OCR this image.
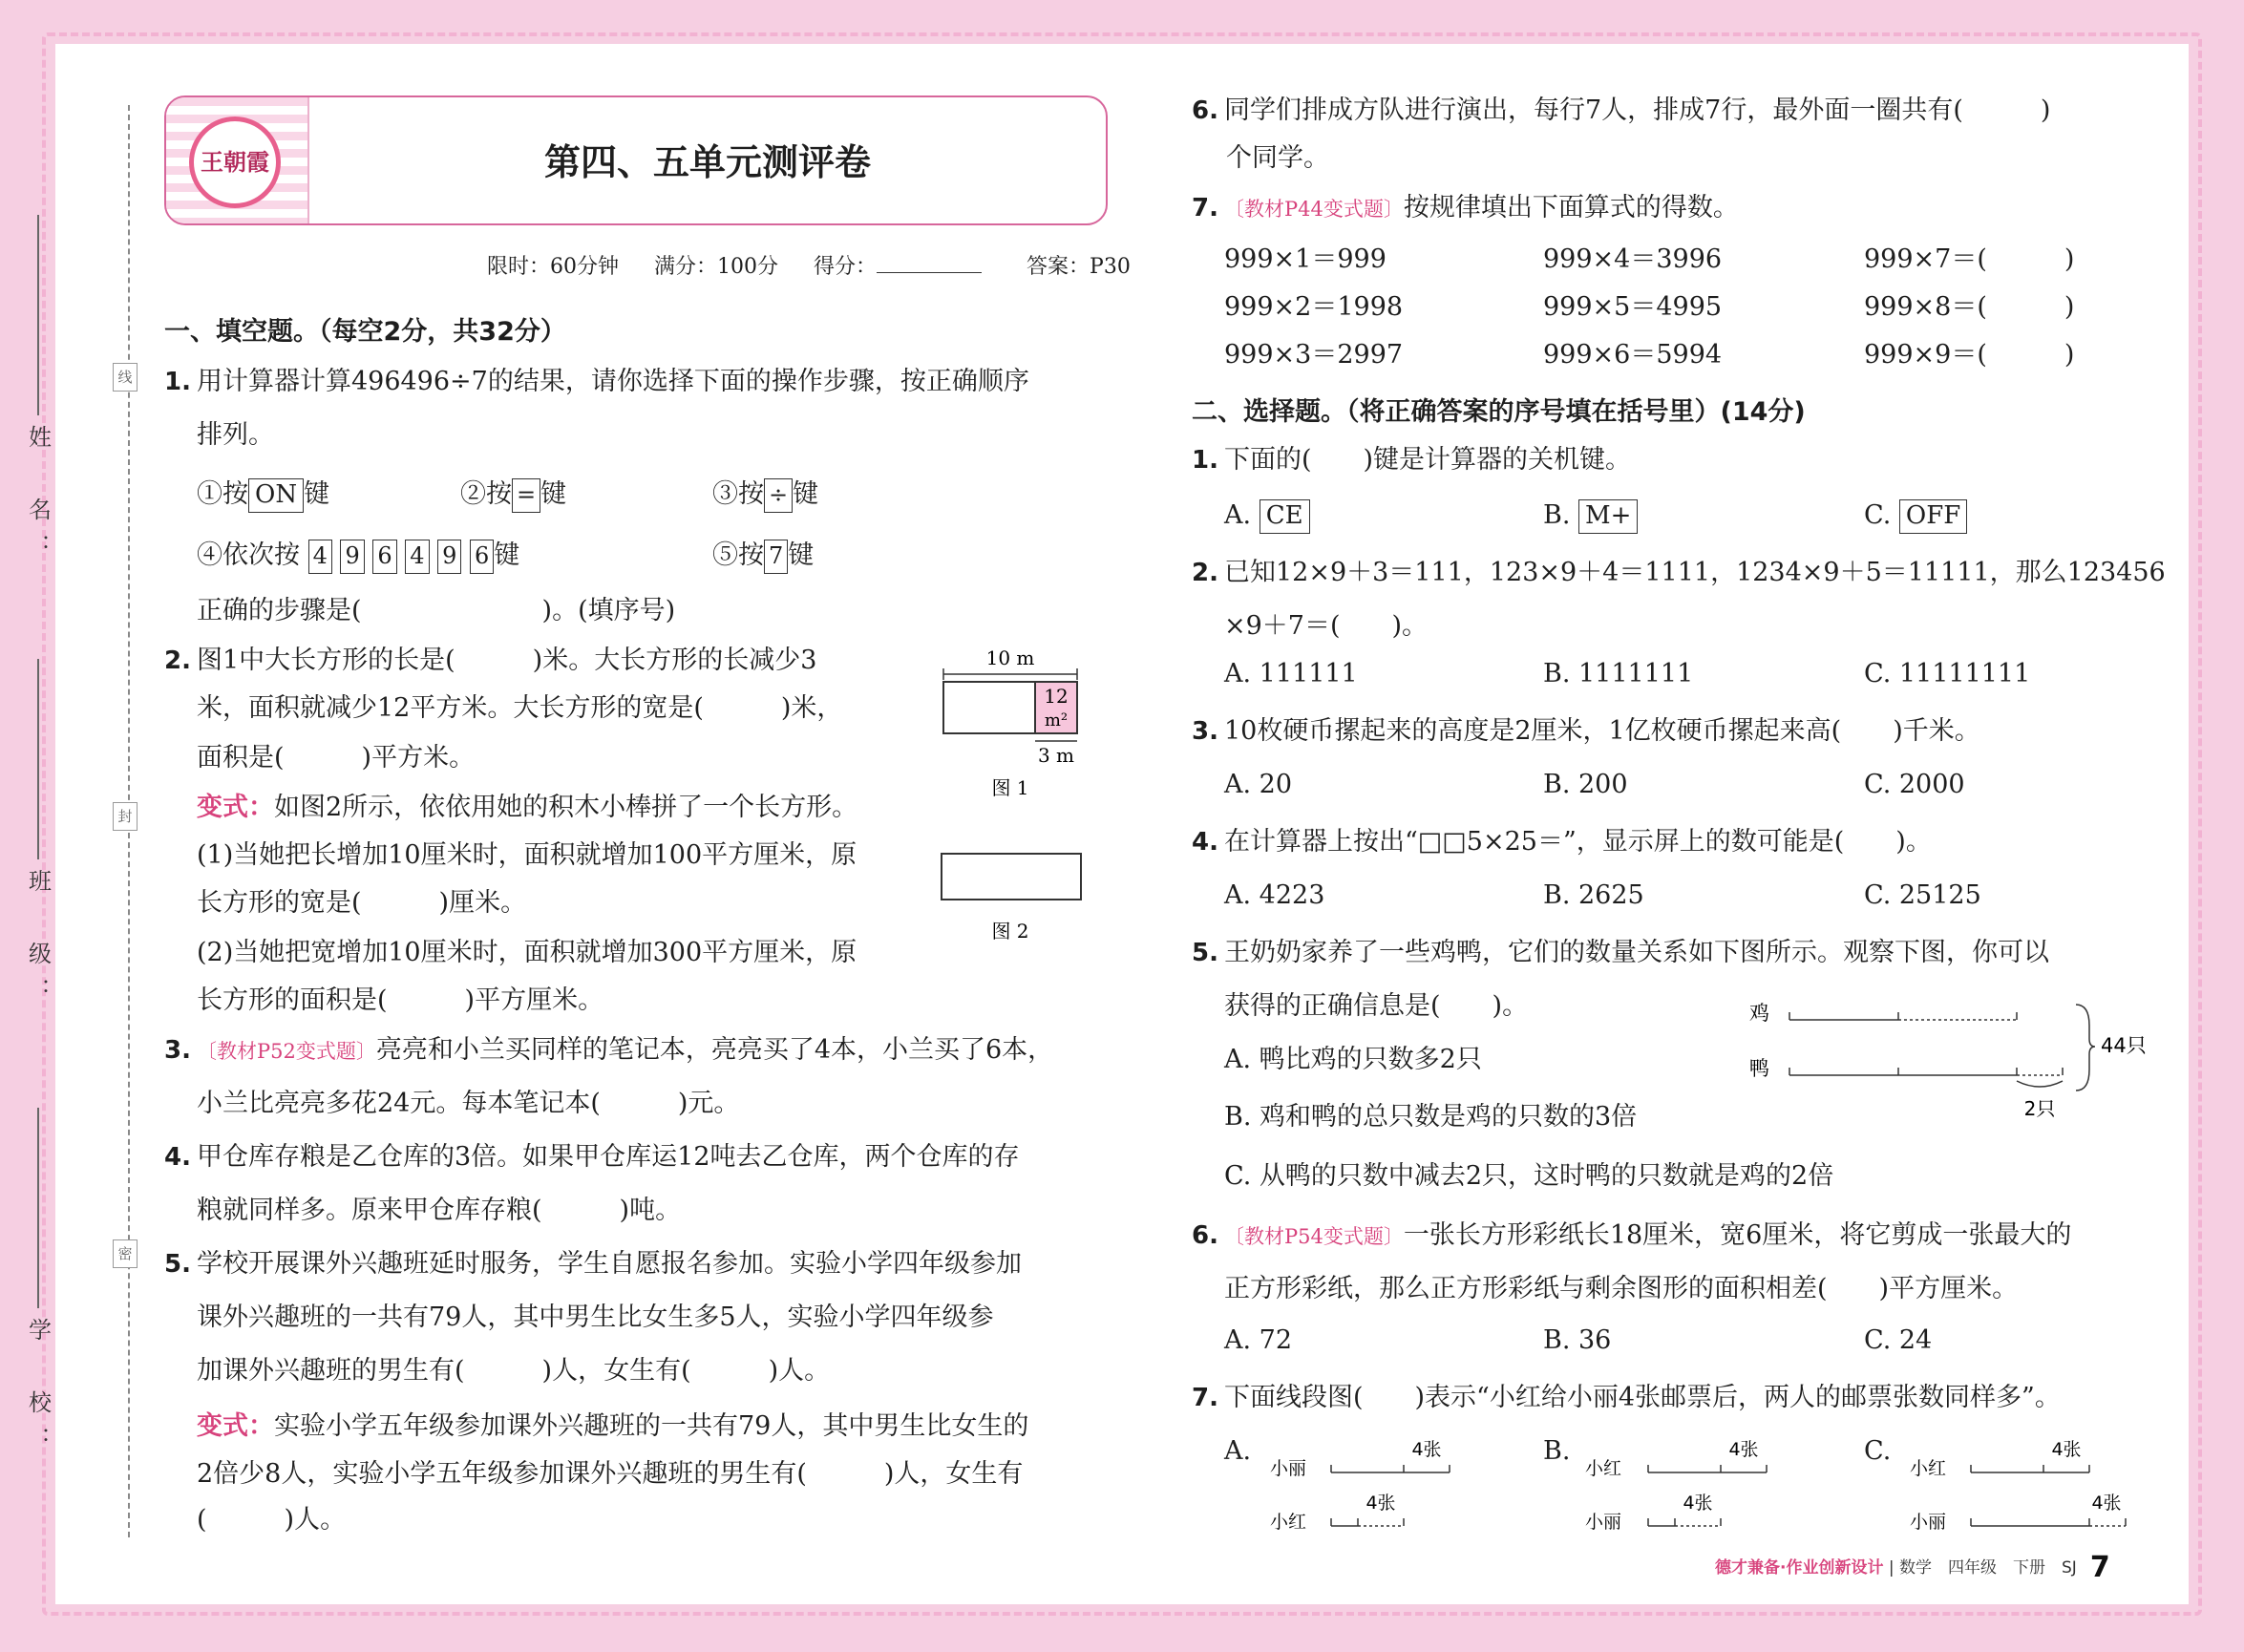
姓　名：
班　级：
学　校：
线
封
密
王朝霞	第四、五单元测评卷
限时：60分钟 满分：100分 得分：	答案：P30
一、填空题。（每空2分，共32分）
1. 用计算器计算496496÷7的结果，请你选择下面的操作步骤，按正确顺序
排列。
①按 ON 键	②按 = 键	③按 ÷ 键
④依次按 4 9 6 4 9 6 键	⑤按 7 键
正确的步骤是(　　　　　　　)。(填序号)
2. 图1中大长方形的长是(　　　)米。大长方形的长减少3
米，面积就减少12平方米。大长方形的宽是(　　　)米，
面积是(　　　)平方米。
变式：如图2所示，依依用她的积木小棒拼了一个长方形。
(1)当她把长增加10厘米时，面积就增加100平方厘米，原
长方形的宽是(　　　)厘米。
(2)当她把宽增加10厘米时，面积就增加300平方厘米，原
长方形的面积是(　　　)平方厘米。
10 m
12
m²
3 m
图 1
图 2
3. 〔教材P52变式题〕亮亮和小兰买同样的笔记本，亮亮买了4本，小兰买了6本，
小兰比亮亮多花24元。每本笔记本(　　　)元。
4. 甲仓库存粮是乙仓库的3倍。如果甲仓库运12吨去乙仓库，两个仓库的存
粮就同样多。原来甲仓库存粮(　　　)吨。
5. 学校开展课外兴趣班延时服务，学生自愿报名参加。实验小学四年级参加
课外兴趣班的一共有79人，其中男生比女生多5人，实验小学四年级参
加课外兴趣班的男生有(　　　)人，女生有(　　　)人。
变式：实验小学五年级参加课外兴趣班的一共有79人，其中男生比女生的
2倍少8人，实验小学五年级参加课外兴趣班的男生有(　　　)人，女生有
(　　　)人。
6. 同学们排成方队进行演出，每行7人，排成7行，最外面一圈共有(　　　)
个同学。
7. 〔教材P44变式题〕按规律填出下面算式的得数。
999×1＝999	999×4＝3996	999×7＝(　　　)
999×2＝1998	999×5＝4995	999×8＝(　　　)
999×3＝2997	999×6＝5994	999×9＝(　　　)
二、选择题。（将正确答案的序号填在括号里）(14分)
1. 下面的(　　)键是计算器的关机键。
A. CE	B. M+	C. OFF
2. 已知12×9＋3＝111，123×9＋4＝1111，1234×9＋5＝11111，那么123456
×9＋7＝(　　)。
A. 111111	B. 1111111	C. 11111111
3. 10枚硬币摞起来的高度是2厘米，1亿枚硬币摞起来高(　　)千米。
A. 20	B. 200	C. 2000
4. 在计算器上按出“□□5×25＝”，显示屏上的数可能是(　　)。
A. 4223	B. 2625	C. 25125
5. 王奶奶家养了一些鸡鸭，它们的数量关系如下图所示。观察下图，你可以
获得的正确信息是(　　)。
A. 鸭比鸡的只数多2只
B. 鸡和鸭的总只数是鸡的只数的3倍
C. 从鸭的只数中减去2只，这时鸭的只数就是鸡的2倍
鸡
鸭
2只
44只
6. 〔教材P54变式题〕一张长方形彩纸长18厘米，宽6厘米，将它剪成一张最大的
正方形彩纸，那么正方形彩纸与剩余图形的面积相差(　　)平方厘米。
A. 72	B. 36	C. 24
7. 下面线段图(　　)表示“小红给小丽4张邮票后，两人的邮票张数同样多”。
A.
小丽
4张
小红
4张
B.
小红
4张
小丽
4张
C.
小红
4张
小丽
4张
德才兼备·作业创新设计 | 数学　四年级　下册　SJ 7
